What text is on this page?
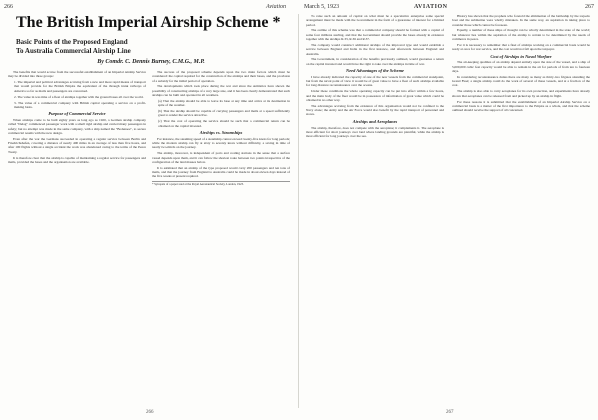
266	Aviation	March 5, 1923	AVIATION	267
The British Imperial Airship Scheme *
Basic Points of the Proposed England
To Australia Commercial Airship Line
By Comdr. C. Dennis Burney, C.M.G., M.P.

The benefits that would accrue from the successful establishment of an Imperial Airship Service may be divided into three groups:

1. The imperial and political advantages accruing from a new and more rapid means of transport that would provide for the British Empire the equivalent of the through trunk railways of America so far as mails and passengers are concerned.

2. The value in war-time of a fleet of airships together with the ground bases all over the world.

3. The value of a commercial company with British capital operating a service on a profit-making basis.

Purpose of Commercial Service

When airships come to be built eighty years as long ago as 1920, a German airship company called "Delag" commenced passenger work with a small rigid airship and carried many passengers in safety; but no attempt was made in the same company, with a ship named the "Bodensee", to secure commercial results with the new design.

Even after the war the Germans succeeded in operating a regular service between Berlin and Friedrichshafen, covering a distance of nearly 400 miles in an average of less than five hours, and after 100 flights without a single accident the work was abandoned owing to the terms of the Peace Treaty.

It is therefore clear that the airship is capable of maintaining a regular service for passengers and mails, provided the bases and the organisation are available.

The success of the proposed scheme depends upon the two main factors which must be considered: the capital required for the construction of the airships and their bases, and the provision of a subsidy for the initial period of operation.

The developments which took place during the war and since the Armistice have shown the possibility of constructing airships of a very large size, and it has been clearly demonstrated that such airships can be built and operated in all weathers.

(a) That the airship should be able to leave its base at any time and arrive at its destination in spite of the weather.

(b) That the airship should be capable of carrying passengers and mails at a speed sufficiently great to render the service attractive.

(c) That the cost of operating the service should be such that a commercial return can be obtained on the capital invested.

Airships vs. Steamships

For instance, the steaming speed of a steamship cannot exceed twenty-five knots for long periods; while the modern airship can fly at sixty to seventy knots without difficulty, a saving in time of nearly two-thirds on the journey.

The airship, moreover, is independent of ports and coaling stations in the sense that a surface vessel depends upon them, and it can follow the shortest route between two points irrespective of the configuration of the land masses below.

It is estimated that an airship of the type proposed would carry 200 passengers and ten tons of mails, and that the journey from England to Australia could be made in about eleven days instead of the five weeks at present required.

* Synopsis of a paper read at the Royal Aeronautical Society, London, 1923.

To raise such an amount of capital on what must be a speculative enterprise some special arrangement must be made with the Government in the form of a guarantee of interest for a limited period.

The outline of this scheme was that a commercial company should be formed with a capital of some four millions sterling, and that the Government should provide the bases already in existence together with the airships R.33, R.36 and R.37.

The company would construct additional airships of the improved type and would establish a service between England and India in the first instance, and afterwards between England and Australia.

The Government, in consideration of the benefits previously outlined, would guarantee a return on the capital invested and would have the right to take over the airships in time of war.

Need Advantages of the Scheme

I have already indicated the capacity of one of the new vessels from the commercial standpoint, but from the naval point of view it would be of great value to have a fleet of such airships available for long distance reconnaissance over the oceans.

Under these conditions the whole operating capacity can be put into effect within a few hours, and the main body of the fleet would be in possession of information of great value which could be obtained in no other way.

The advantages accruing from the existence of this organisation would not be confined to the Navy alone; the Army and the Air Force would also benefit by the rapid transport of personnel and stores.

Airships and Aeroplanes

The airship, therefore, does not compete with the aeroplane; it complements it. The aeroplane is most efficient for short journeys over land where landing grounds are plentiful, while the airship is most efficient for long journeys over the sea.

History has shown that the prophets who foretold the elimination of the battleship by the torpedo boat and the submarine were wholly mistaken. In the same way, an aspiration in taking place to consider those which cannot be foreseen.

Equally, a number of these ships of thought can be wholly determined in the state of the world; but whatever lies within the aspiration of the airship is certain to be determined by the needs of commerce in peace.

For it is necessary to remember that a fleet of airships working on a commercial basis would be ready at once for war service, and the cost would not fall upon the taxpayer.

Cost of Airships in Naval Warfare

The air-keeping qualities of an airship depend entirely upon the size of the vessel, and a ship of 5,000,000 cubic feet capacity would be able to remain in the air for periods of from ten to fourteen days.

In considering reconnaissance duties there are many as many as thirty-two frigates attending the Grand Fleet; a single airship could do the work of several of these vessels, and at a fraction of the cost.

The airship is also able to carry aeroplanes for its own protection, and experiments have already shown that aeroplanes can be released from and picked up by an airship in flight.

For these reasons it is submitted that the establishment of an Imperial Airship Service on a commercial basis is a matter of the first importance to the Empire as a whole, and that the scheme outlined should receive the support of all concerned.

266	267
